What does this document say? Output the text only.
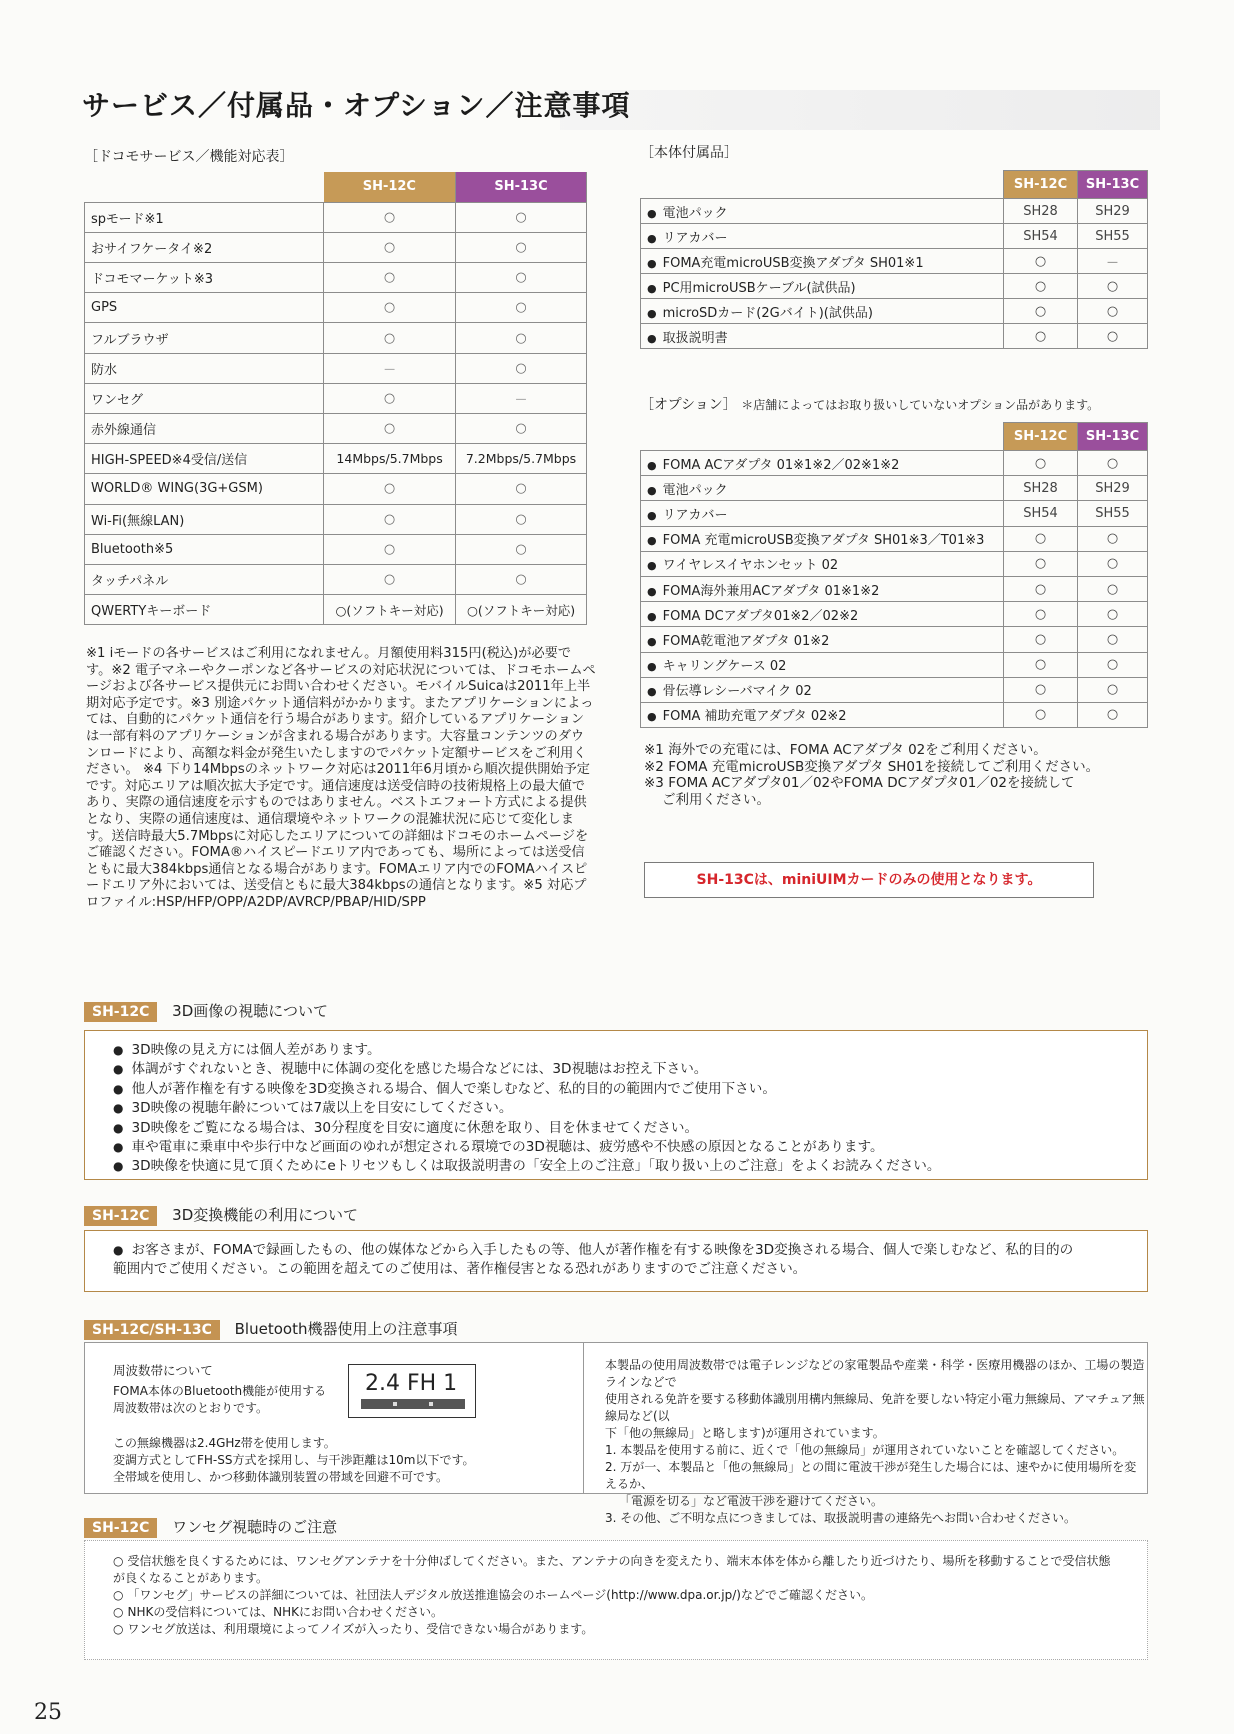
サービス／付属品・オプション／注意事項
［ドコモサービス／機能対応表］
	SH-12C	SH-13C
spモード※1	○	○
おサイフケータイ※2	○	○
ドコモマーケット※3	○	○
GPS	○	○
フルブラウザ	○	○
防水	－	○
ワンセグ	○	－
赤外線通信	○	○
HIGH-SPEED※4受信/送信	14Mbps/5.7Mbps	7.2Mbps/5.7Mbps
WORLD® WING(3G+GSM)	○	○
Wi-Fi(無線LAN)	○	○
Bluetooth※5	○	○
タッチパネル	○	○
QWERTYキーボード	○(ソフトキー対応)	○(ソフトキー対応)
※1 iモードの各サービスはご利用になれません。月額使用料315円(税込)が必要です。※2 電子マネーやクーポンなど各サービスの対応状況については、ドコモホームページおよび各サービス提供元にお問い合わせください。モバイルSuicaは2011年上半期対応予定です。※3 別途パケット通信料がかかります。またアプリケーションによっては、自動的にパケット通信を行う場合があります。紹介しているアプリケーションは一部有料のアプリケーションが含まれる場合があります。大容量コンテンツのダウンロードにより、高額な料金が発生いたしますのでパケット定額サービスをご利用ください。 ※4 下り14Mbpsのネットワーク対応は2011年6月頃から順次提供開始予定です。対応エリアは順次拡大予定です。通信速度は送受信時の技術規格上の最大値であり、実際の通信速度を示すものではありません。ベストエフォート方式による提供となり、実際の通信速度は、通信環境やネットワークの混雑状況に応じて変化します。送信時最大5.7Mbpsに対応したエリアについての詳細はドコモのホームページをご確認ください。FOMA®ハイスピードエリア内であっても、場所によっては送受信ともに最大384kbps通信となる場合があります。FOMAエリア内でのFOMAハイスピードエリア外においては、送受信ともに最大384kbpsの通信となります。※5 対応プロファイル:HSP/HFP/OPP/A2DP/AVRCP/PBAP/HID/SPP
［本体付属品］
	SH-12C	SH-13C
● 電池パック	SH28	SH29
● リアカバー	SH54	SH55
● FOMA充電microUSB変換アダプタ SH01※1	○	－
● PC用microUSBケーブル(試供品)	○	○
● microSDカード(2Gバイト)(試供品)	○	○
● 取扱説明書	○	○
［オプション］ ＊店舗によってはお取り扱いしていないオプション品があります。
	SH-12C	SH-13C
● FOMA ACアダプタ 01※1※2／02※1※2	○	○
● 電池パック	SH28	SH29
● リアカバー	SH54	SH55
● FOMA 充電microUSB変換アダプタ SH01※3／T01※3	○	○
● ワイヤレスイヤホンセット 02	○	○
● FOMA海外兼用ACアダプタ 01※1※2	○	○
● FOMA DCアダプタ01※2／02※2	○	○
● FOMA乾電池アダプタ 01※2	○	○
● キャリングケース 02	○	○
● 骨伝導レシーバマイク 02	○	○
● FOMA 補助充電アダプタ 02※2	○	○
※1 海外での充電には、FOMA ACアダプタ 02をご利用ください。
※2 FOMA 充電microUSB変換アダプタ SH01を接続してご利用ください。
※3 FOMA ACアダプタ01／02やFOMA DCアダプタ01／02を接続して
ご利用ください。
SH-13Cは、miniUIMカードのみの使用となります。
SH-12C 3D画像の視聴について
● 3D映像の見え方には個人差があります。
● 体調がすぐれないとき、視聴中に体調の変化を感じた場合などには、3D視聴はお控え下さい。
● 他人が著作権を有する映像を3D変換される場合、個人で楽しむなど、私的目的の範囲内でご使用下さい。
● 3D映像の視聴年齢については7歳以上を目安にしてください。
● 3D映像をご覧になる場合は、30分程度を目安に適度に休憩を取り、目を休ませてください。
● 車や電車に乗車中や歩行中など画面のゆれが想定される環境での3D視聴は、疲労感や不快感の原因となることがあります。
● 3D映像を快適に見て頂くためにeトリセツもしくは取扱説明書の「安全上のご注意」「取り扱い上のご注意」をよくお読みください。
SH-12C 3D変換機能の利用について
● お客さまが、FOMAで録画したもの、他の媒体などから入手したもの等、他人が著作権を有する映像を3D変換される場合、個人で楽しむなど、私的目的の
範囲内でご使用ください。この範囲を超えてのご使用は、著作権侵害となる恐れがありますのでご注意ください。
SH-12C/SH-13C Bluetooth機器使用上の注意事項
周波数帯について
FOMA本体のBluetooth機能が使用する
周波数帯は次のとおりです。
この無線機器は2.4GHz帯を使用します。
変調方式としてFH-SS方式を採用し、与干渉距離は10m以下です。
全帯域を使用し、かつ移動体識別装置の帯域を回避不可です。
本製品の使用周波数帯では電子レンジなどの家電製品や産業・科学・医療用機器のほか、工場の製造ラインなどで
使用される免許を要する移動体識別用構内無線局、免許を要しない特定小電力無線局、アマチュア無線局など(以
下「他の無線局」と略します)が運用されています。
1. 本製品を使用する前に、近くで「他の無線局」が運用されていないことを確認してください。
2. 万が一、本製品と「他の無線局」との間に電波干渉が発生した場合には、速やかに使用場所を変えるか、
「電源を切る」など電波干渉を避けてください。
3. その他、ご不明な点につきましては、取扱説明書の連絡先へお問い合わせください。
2.4 FH 1
SH-12C ワンセグ視聴時のご注意
○ 受信状態を良くするためには、ワンセグアンテナを十分伸ばしてください。また、アンテナの向きを変えたり、端末本体を体から離したり近づけたり、場所を移動することで受信状態が良くなることがあります。
○ 「ワンセグ」サービスの詳細については、社団法人デジタル放送推進協会のホームページ(http://www.dpa.or.jp/)などでご確認ください。
○ NHKの受信料については、NHKにお問い合わせください。
○ ワンセグ放送は、利用環境によってノイズが入ったり、受信できない場合があります。
25
